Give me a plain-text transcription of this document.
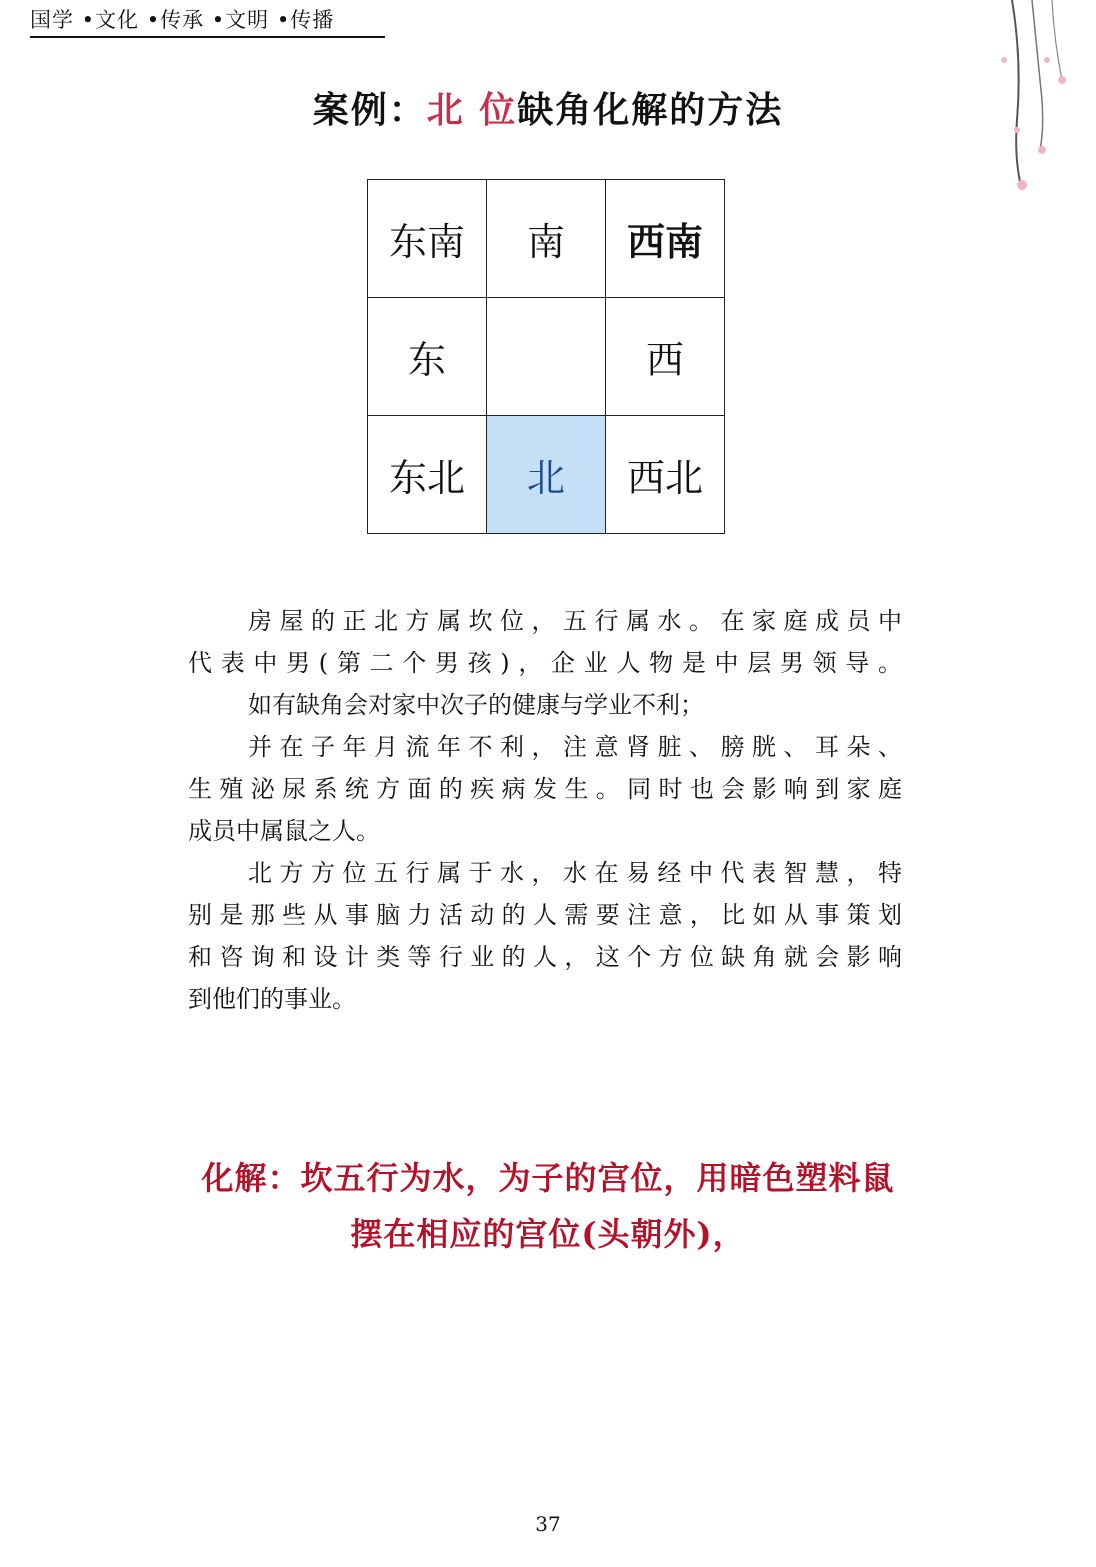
国学 •文化 •传承 •文明 •传播
案例：北 位缺角化解的方法
东南	南	西南
东		西
东北	北	西北
房屋的正北方属坎位，五行属水。在家庭成员中
代表中男(第二个男孩)，企业人物是中层男领导。
如有缺角会对家中次子的健康与学业不利；
并在子年月流年不利，注意肾脏、膀胱、耳朵、
生殖泌尿系统方面的疾病发生。同时也会影响到家庭
成员中属鼠之人。
北方方位五行属于水，水在易经中代表智慧，特
别是那些从事脑力活动的人需要注意，比如从事策划
和咨询和设计类等行业的人，这个方位缺角就会影响
到他们的事业。
化解：坎五行为水，为子的宫位，用暗色塑料鼠
摆在相应的宫位(头朝外)，
37
